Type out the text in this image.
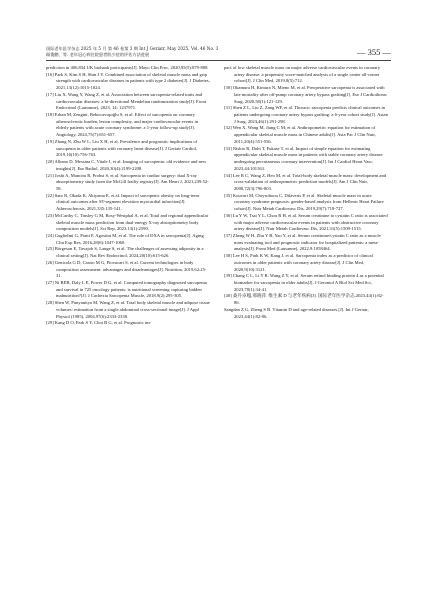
国际老年医学杂志 2025 年 5 月 第 46 卷第 3 期 Int J Geriatr, May 2025, Vol. 46 No. 3
顾俊鹏，等. 老年冠心病住院患者肌少症的评估方法进展	— 355 —

prediction in 406,834 UK biobank participants[J]. Mayo Clin Proc, 2020,95(5):879-888.

[16] Park S, Kim S H, Shin J Y. Combined association of skeletal muscle mass and grip strength with cardiovascular diseases in patients with type 2 diabetes[J]. J Diabetes, 2021,13(12):1015-1024.

[17] Liu X, Wang Y, Wang Z, et al. Association between sarcopenia-related traits and cardiovascular diseases: a bi-directional Mendelian randomization study[J]. Front Endocrinol (Lausanne), 2023, 14: 1237971.

[18] Erkan M, Zengini, Bekircavuşoğlu S, et al. Effect of sarcopenia on coronary atherosclerotic burden, lesion complexity, and major cardiovascular events in elderly patients with acute coronary syndrome: a 1-year follow-up study[J]. Angiology, 2024,75(7):651-657.

[19] Zhang N, Zhu W L, Liu X H, et al. Prevalence and prognostic implications of sarcopenia in older patients with coronary heart disease[J]. J Geriatr Cardiol, 2019,16(10):756-763.

[20] Albano D, Messina C, Vitale J, et al. Imaging of sarcopenia: old evidence and new insights[J]. Eur Radiol, 2020,30(4):2199-2208.

[21] Joshi A, Mancini R, Probst S, et al. Sarcopenia in cardiac surgery: dual X-ray absorptiometry study from the McGill frailty registry[J]. Am Heart J, 2021,239:52-58.

[22] Sato R, Okada K, Akiyama E, et al. Impact of sarcopenic obesity on long-term clinical outcomes after ST-segment elevation myocardial infarction[J]. Atherosclerosis, 2021,335:135-141.

[23] McCarthy C, Tinsley G M, Bosy-Westphal A, et al. Total and regional appendicular skeletal muscle mass prediction from dual-energy X-ray absorptiometry body composition models[J]. Sci Rep, 2023,13(1):2590.

[24] Guglielmi G, Ponti F, Agostini M, et al. The role of DXA in sarcopenia[J]. Aging Clin Exp Res, 2016,28(6):1047-1060.

[25] Börgeson E, Tavajoh S, Lange S, et al. The challenges of assessing adiposity in a clinical setting[J]. Nat Rev Endocrinol, 2024,20(10):615-626.

[26] Genicola G D, Castro M G, Piovacari S, et al. Current technologies in body composition assessment: advantages and disadvantages[J]. Nutrition, 2019,62:25-31.

[27] Ni BEB, Daly L E, Power D G, et al. Computed tomography diagnosed sarcopenia and survival in 725 oncology patients: is nutritional screening capturing hidden malnutrition?[J]. J Cachexia Sarcopenia Muscle, 2018,9(2):295-305.

[28] Shen W, Punyanitya M, Wang Z, et al. Total body skeletal muscle and adipose tissue volumes: estimation from a single abdominal cross-sectional image[J]. J Appl Physiol (1985), 2004,97(6):2333-2338.

[29] Kang D O, Park S Y, Choi B G, et al. Prognostic im-

pact of low skeletal muscle mass on major adverse cardiovascular events in coronary artery disease: a propensity score-matched analysis of a single center all-comer cohort[J]. J Clin Med, 2019,8(5):712.

[30] Okamura H, Kimura N, Mieno M, et al. Preoperative sarcopenia is associated with late mortality after off-pump coronary artery bypass grafting[J]. Eur J Cardiothorac Surg, 2020,58(1):121-129.

[31] Shen Z L, Liu Z, Zang WF, et al. Thoracic sarcopenia predicts clinical outcomes in patients undergoing coronary artery bypass grafting: a 6-year cohort study[J]. Asian J Surg, 2023,46(1):291-298.

[32] Wen X, Wang M, Jiang C M, et al. Anthropometric equation for estimation of appendicular skeletal muscle mass in Chinese adults[J]. Asia Pac J Clin Nutr, 2011,20(4):551-556.

[33] Nishio R, Dohi T, Fukase T, et al. Impact of simple equation for estimating appendicular skeletal muscle mass in patients with stable coronary artery disease undergoing percutaneous coronary intervention[J]. Int J Cardiol Heart Vasc, 2023,44:101163.

[34] Lee R C, Wang Z, Heo M, et al. Total-body skeletal muscle mass: development and cross-validation of anthropometric prediction models[J]. Am J Clin Nutr, 2000,72(3):796-803.

[35] Kouvari M, Chrysohoou C, Dilaveris P, et al. Skeletal muscle mass in acute coronary syndrome prognosis: gender-based analysis from Hellenic Heart Failure cohort[J]. Nutr Metab Cardiovasc Dis, 2019,29(7):718-727.

[36] Lu Y W, Tsai Y L, Chou R H, et al. Serum creatinine to cystatin C ratio is associated with major adverse cardiovascular events in patients with obstructive coronary artery disease[J]. Nutr Metab Cardiovasc Dis, 2021,31(5):1509-1515.

[37] Zheng W H, Zhu Y B, Yao Y, et al. Serum creatinine/cystatin C ratio as a muscle mass evaluating tool and prognostic indicator for hospitalized patients: a meta-analysis[J]. Front Med (Lausanne), 2022,9:1058464.

[38] Lee H S, Park K W, Kang J, et al. Sarcopenia index as a predictor of clinical outcomes in older patients with coronary artery disease[J]. J Clin Med, 2020,9(10):3121.

[39] Chang C L, Li Y R, Wang Z Y, et al. Serum retinol binding protein 4 as a potential biomarker for sarcopenia in older adults[J]. J Gerontol A Biol Sci Med Sci, 2023,78(1):34-41.

[40] 桑丹卓嘎,邢晓萍. 维生素 D 与老年疾病[J]. 国际老年医学杂志,2023,44(1):82-86.

Sangdan Z G, Zheng S B. Vitamin D and age-related diseases.[J]. Int J Geriatr, 2023,44(1):82-86.
